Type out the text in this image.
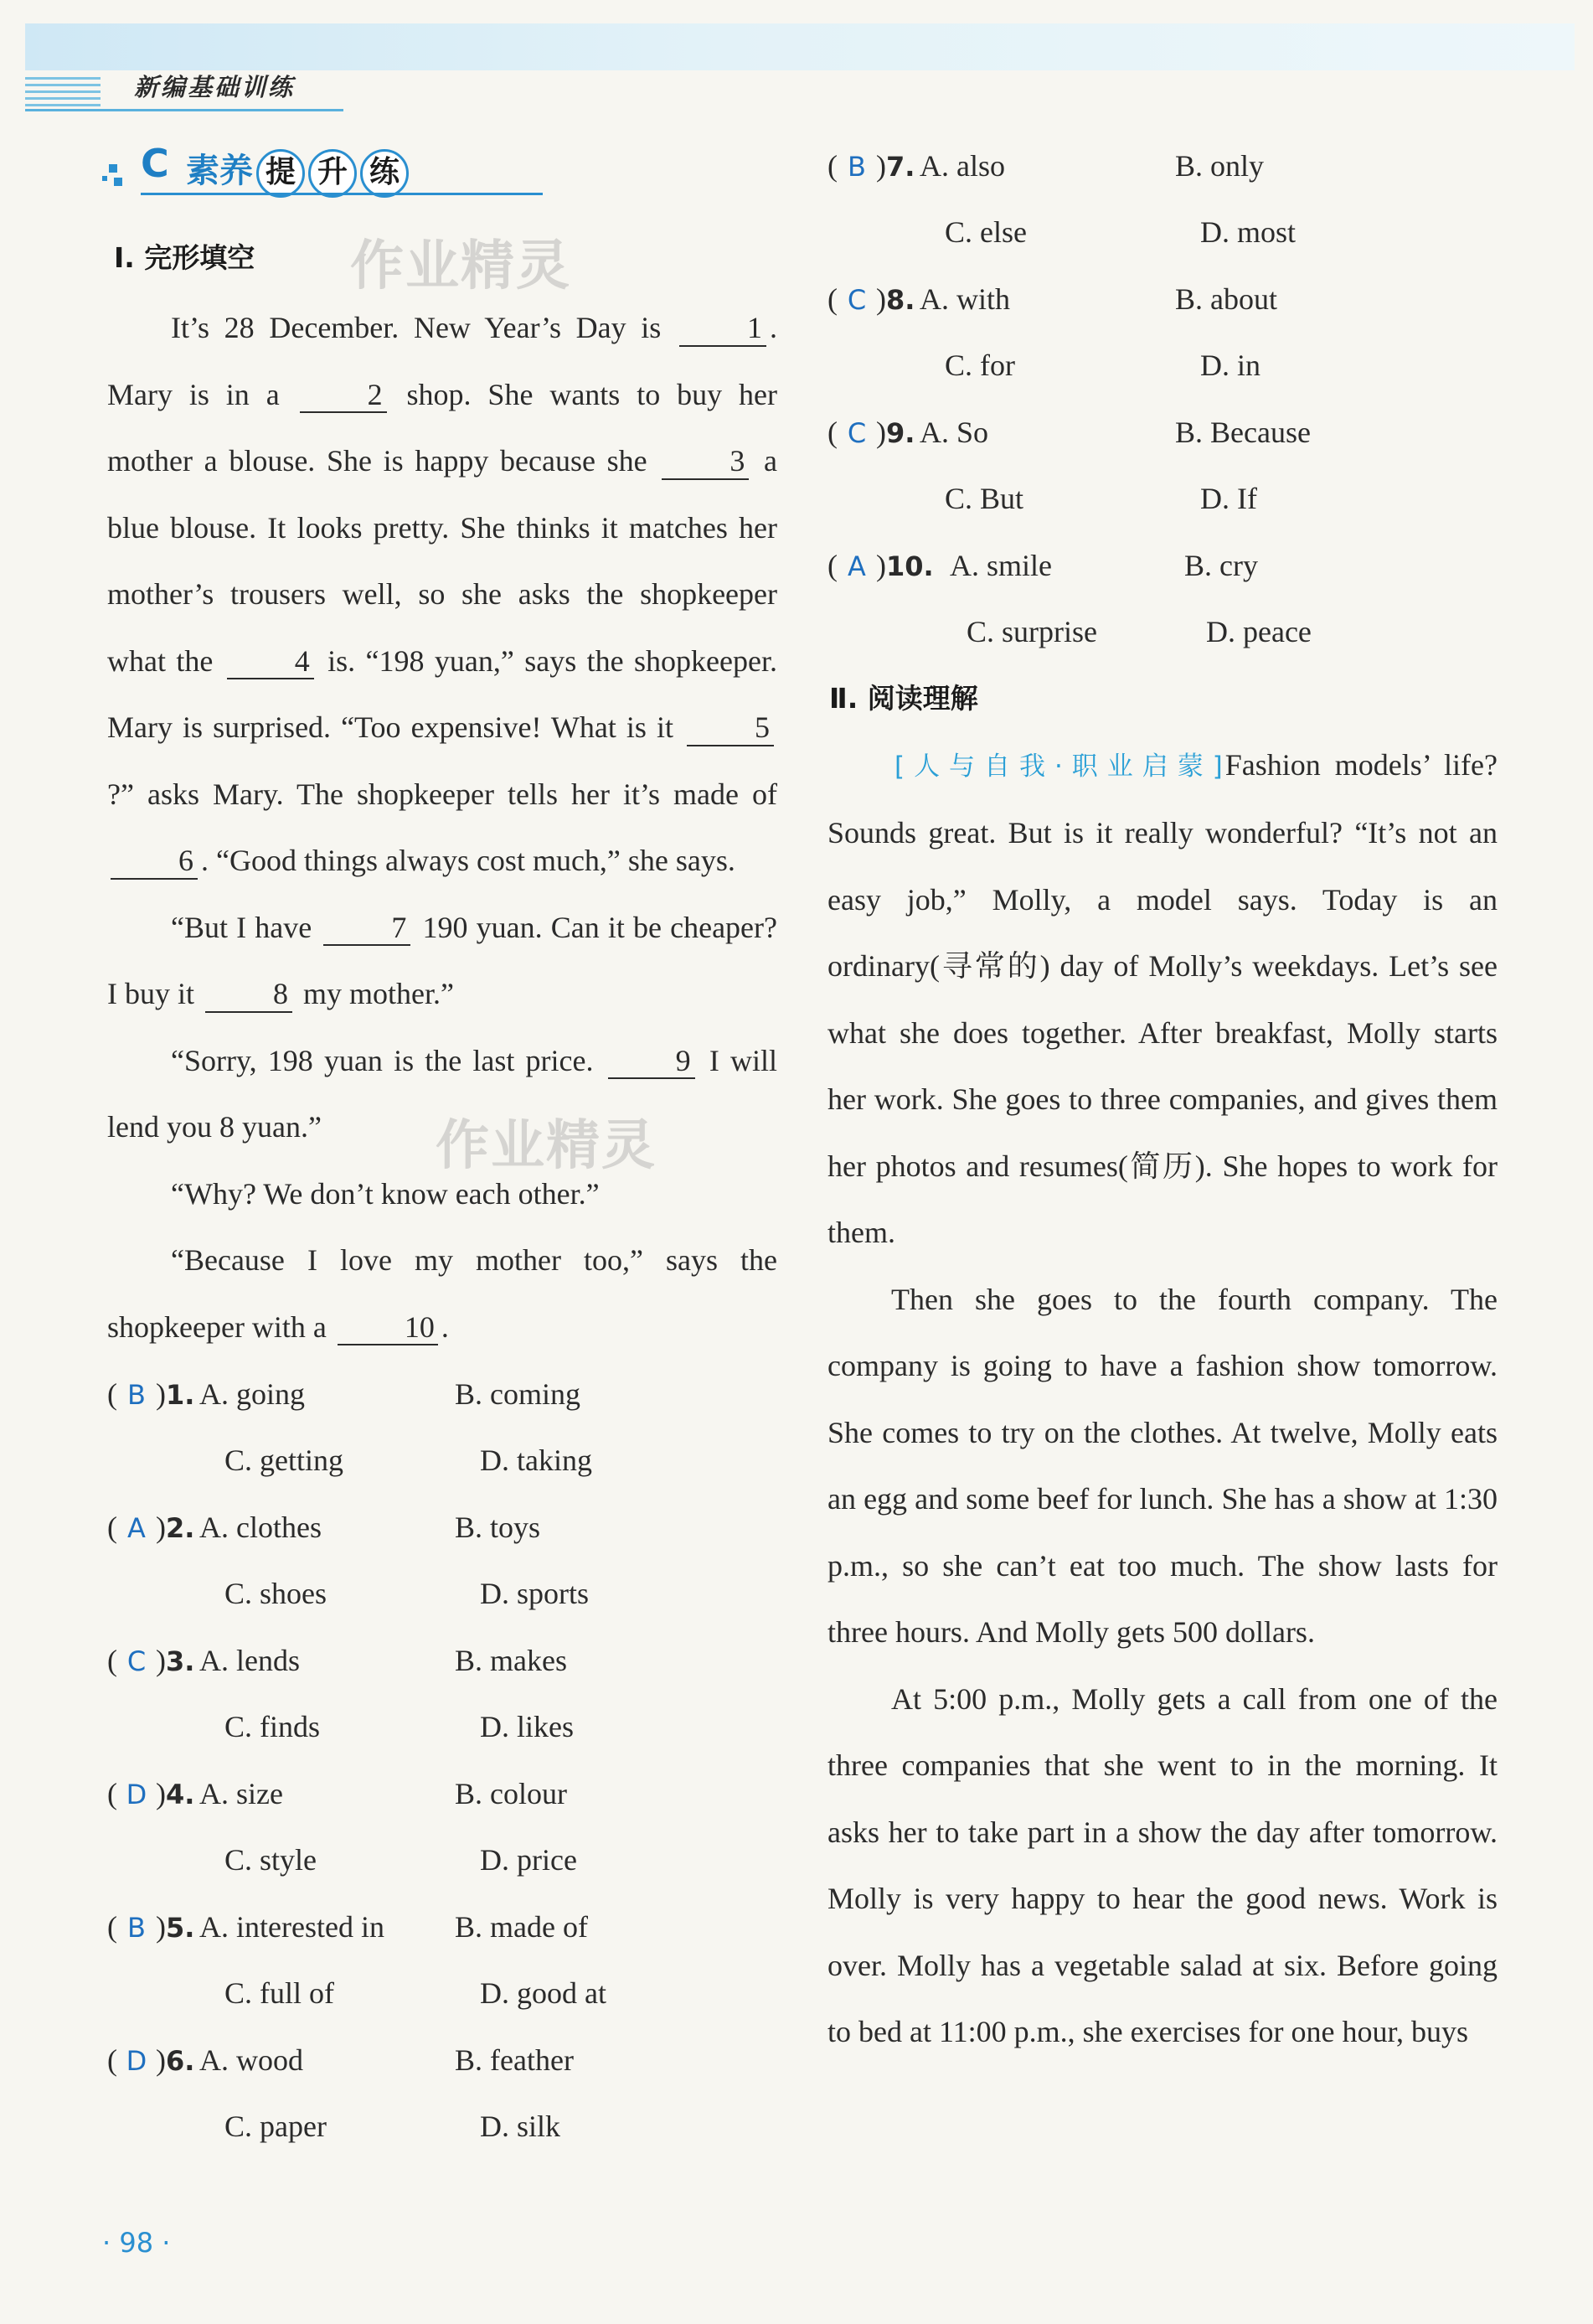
新编基础训练
C 素养 提 升 练
Ⅰ. 完形填空 作业精灵
作业精灵

It’s 28 December. New Year’s Day is 1 . Mary is in a 2 shop. She wants to buy her mother a blouse. She is happy because she 3 a blue blouse. It looks pretty. She thinks it matches her mother’s trousers well, so she asks the shopkeeper what the 4 is. “198 yuan,” says the shopkeeper. Mary is surprised. “Too expensive! What is it 5?” asks Mary. The shopkeeper tells her it’s made of 6 . “Good things always cost much,” she says.

“But I have 7 190 yuan. Can it be cheaper? I buy it 8 my mother.”

“Sorry, 198 yuan is the last price. 9 I will lend you 8 yuan.”

“Why? We don’t know each other.”

“Because I love my mother too,” says the shopkeeper with a 10 .

( B )1. A. going	B. coming
C. getting	D. taking
( A )2. A. clothes	B. toys
C. shoes	D. sports
( C )3. A. lends	B. makes
C. finds	D. likes
( D )4. A. size	B. colour
C. style	D. price
( B )5. A. interested in	B. made of
C. full of	D. good at
( D )6. A. wood	B. feather
C. paper	D. silk
( B )7. A. also	B. only
C. else	D. most
( C )8. A. with	B. about
C. for	D. in
( C )9. A. So	B. Because
C. But	D. If
( A )10. A. smile	B. cry
C. surprise	D. peace
Ⅱ. 阅读理解

[人与自我·职业启蒙]Fashion models’ life? Sounds great. But is it really wonderful? “It’s not an easy job,” Molly, a model says. Today is an ordinary(寻常的) day of Molly’s weekdays. Let’s see what she does together. After breakfast, Molly starts her work. She goes to three companies, and gives them her photos and resumes(简历). She hopes to work for them.

Then she goes to the fourth company. The company is going to have a fashion show tomorrow. She comes to try on the clothes. At twelve, Molly eats an egg and some beef for lunch. She has a show at 1:30 p.m., so she can’t eat too much. The show lasts for three hours. And Molly gets 500 dollars.

At 5:00 p.m., Molly gets a call from one of the three companies that she went to in the morning. It asks her to take part in a show the day after tomorrow. Molly is very happy to hear the good news. Work is over. Molly has a vegetable salad at six. Before going to bed at 11:00 p.m., she exercises for one hour, buys

· 98 ·
